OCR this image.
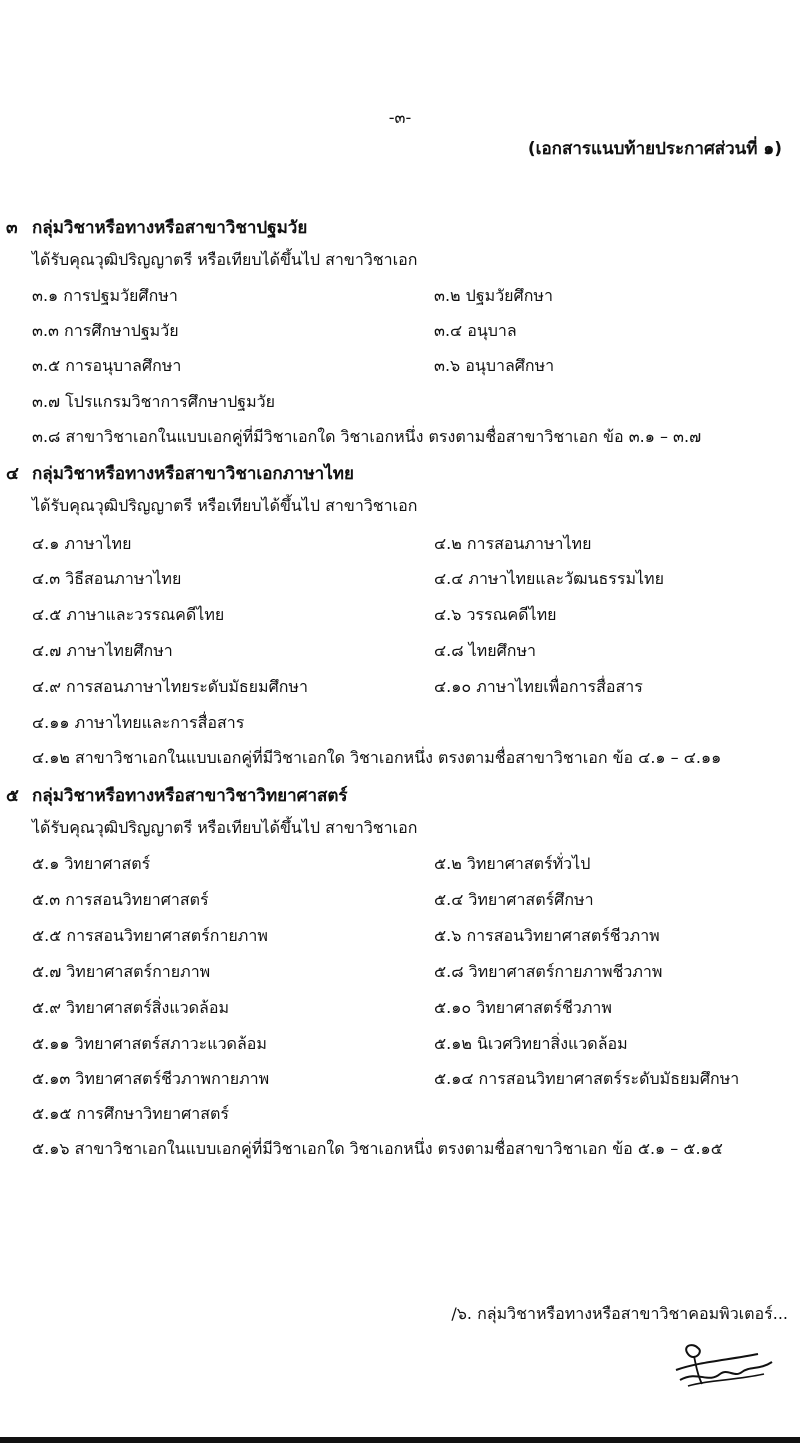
-๓-
(เอกสารแนบท้ายประกาศส่วนที่ ๑)
๓ กลุ่มวิชาหรือทางหรือสาขาวิชาปฐมวัย
ได้รับคุณวุฒิปริญญาตรี หรือเทียบได้ขึ้นไป สาขาวิชาเอก
๓.๑ การปฐมวัยศึกษา	๓.๒ ปฐมวัยศึกษา
๓.๓ การศึกษาปฐมวัย	๓.๔ อนุบาล
๓.๕ การอนุบาลศึกษา	๓.๖ อนุบาลศึกษา
๓.๗ โปรแกรมวิชาการศึกษาปฐมวัย
๓.๘ สาขาวิชาเอกในแบบเอกคู่ที่มีวิชาเอกใด วิชาเอกหนึ่ง ตรงตามชื่อสาขาวิชาเอก ข้อ ๓.๑ – ๓.๗
๔ กลุ่มวิชาหรือทางหรือสาขาวิชาเอกภาษาไทย
ได้รับคุณวุฒิปริญญาตรี หรือเทียบได้ขึ้นไป สาขาวิชาเอก
๔.๑ ภาษาไทย	๔.๒ การสอนภาษาไทย
๔.๓ วิธีสอนภาษาไทย	๔.๔ ภาษาไทยและวัฒนธรรมไทย
๔.๕ ภาษาและวรรณคดีไทย	๔.๖ วรรณคดีไทย
๔.๗ ภาษาไทยศึกษา	๔.๘ ไทยศึกษา
๔.๙ การสอนภาษาไทยระดับมัธยมศึกษา	๔.๑๐ ภาษาไทยเพื่อการสื่อสาร
๔.๑๑ ภาษาไทยและการสื่อสาร
๔.๑๒ สาขาวิชาเอกในแบบเอกคู่ที่มีวิชาเอกใด วิชาเอกหนึ่ง ตรงตามชื่อสาขาวิชาเอก ข้อ ๔.๑ – ๔.๑๑
๕ กลุ่มวิชาหรือทางหรือสาขาวิชาวิทยาศาสตร์
ได้รับคุณวุฒิปริญญาตรี หรือเทียบได้ขึ้นไป สาขาวิชาเอก
๕.๑ วิทยาศาสตร์	๕.๒ วิทยาศาสตร์ทั่วไป
๕.๓ การสอนวิทยาศาสตร์	๕.๔ วิทยาศาสตร์ศึกษา
๕.๕ การสอนวิทยาศาสตร์กายภาพ	๕.๖ การสอนวิทยาศาสตร์ชีวภาพ
๕.๗ วิทยาศาสตร์กายภาพ	๕.๘ วิทยาศาสตร์กายภาพชีวภาพ
๕.๙ วิทยาศาสตร์สิ่งแวดล้อม	๕.๑๐ วิทยาศาสตร์ชีวภาพ
๕.๑๑ วิทยาศาสตร์สภาวะแวดล้อม	๕.๑๒ นิเวศวิทยาสิ่งแวดล้อม
๕.๑๓ วิทยาศาสตร์ชีวภาพกายภาพ	๕.๑๔ การสอนวิทยาศาสตร์ระดับมัธยมศึกษา
๕.๑๕ การศึกษาวิทยาศาสตร์
๕.๑๖ สาขาวิชาเอกในแบบเอกคู่ที่มีวิชาเอกใด วิชาเอกหนึ่ง ตรงตามชื่อสาขาวิชาเอก ข้อ ๕.๑ – ๕.๑๕
/๖. กลุ่มวิชาหรือทางหรือสาขาวิชาคอมพิวเตอร์...
